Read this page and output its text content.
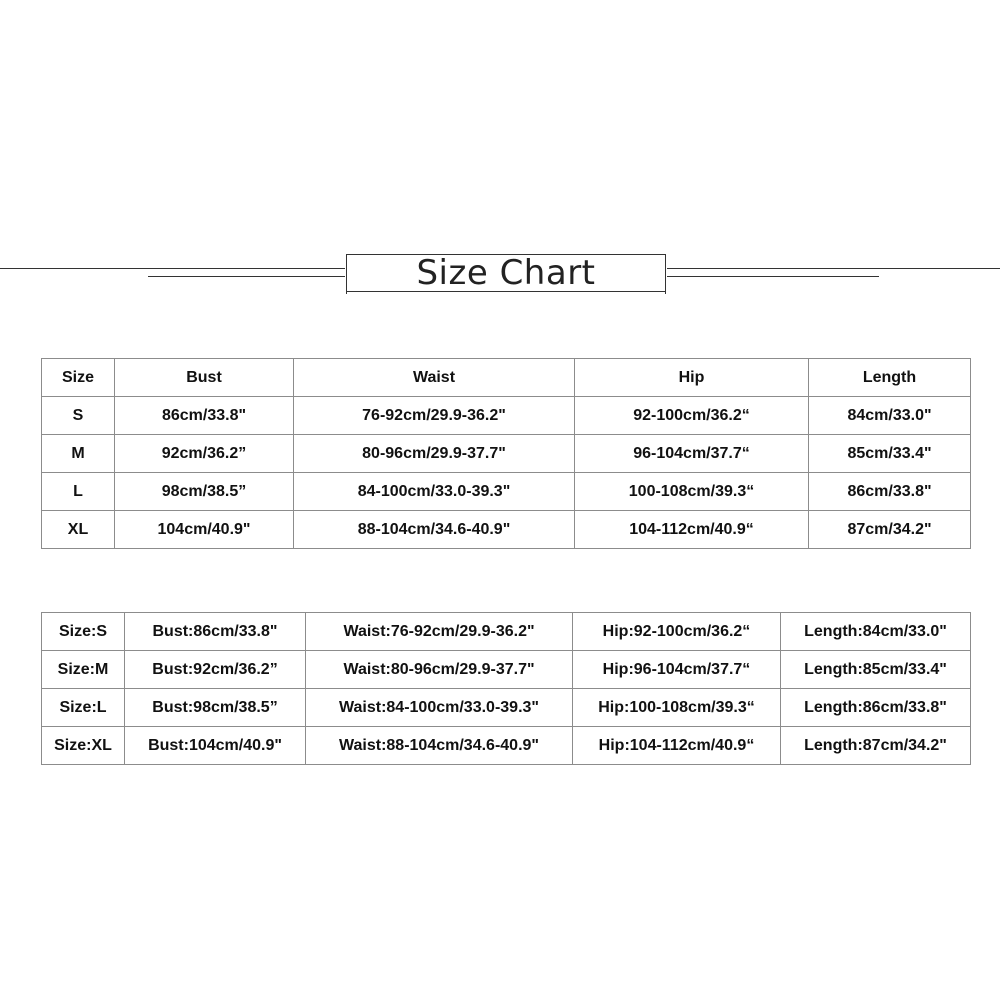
Size Chart
Size	Bust	Waist	Hip	Length
S	86cm/33.8"	76-92cm/29.9-36.2"	92-100cm/36.2“	84cm/33.0"
M	92cm/36.2”	80-96cm/29.9-37.7"	96-104cm/37.7“	85cm/33.4"
L	98cm/38.5”	84-100cm/33.0-39.3"	100-108cm/39.3“	86cm/33.8"
XL	104cm/40.9"	88-104cm/34.6-40.9"	104-112cm/40.9“	87cm/34.2"
Size:S	Bust:86cm/33.8"	Waist:76-92cm/29.9-36.2"	Hip:92-100cm/36.2“	Length:84cm/33.0"
Size:M	Bust:92cm/36.2”	Waist:80-96cm/29.9-37.7"	Hip:96-104cm/37.7“	Length:85cm/33.4"
Size:L	Bust:98cm/38.5”	Waist:84-100cm/33.0-39.3"	Hip:100-108cm/39.3“	Length:86cm/33.8"
Size:XL	Bust:104cm/40.9"	Waist:88-104cm/34.6-40.9"	Hip:104-112cm/40.9“	Length:87cm/34.2"
